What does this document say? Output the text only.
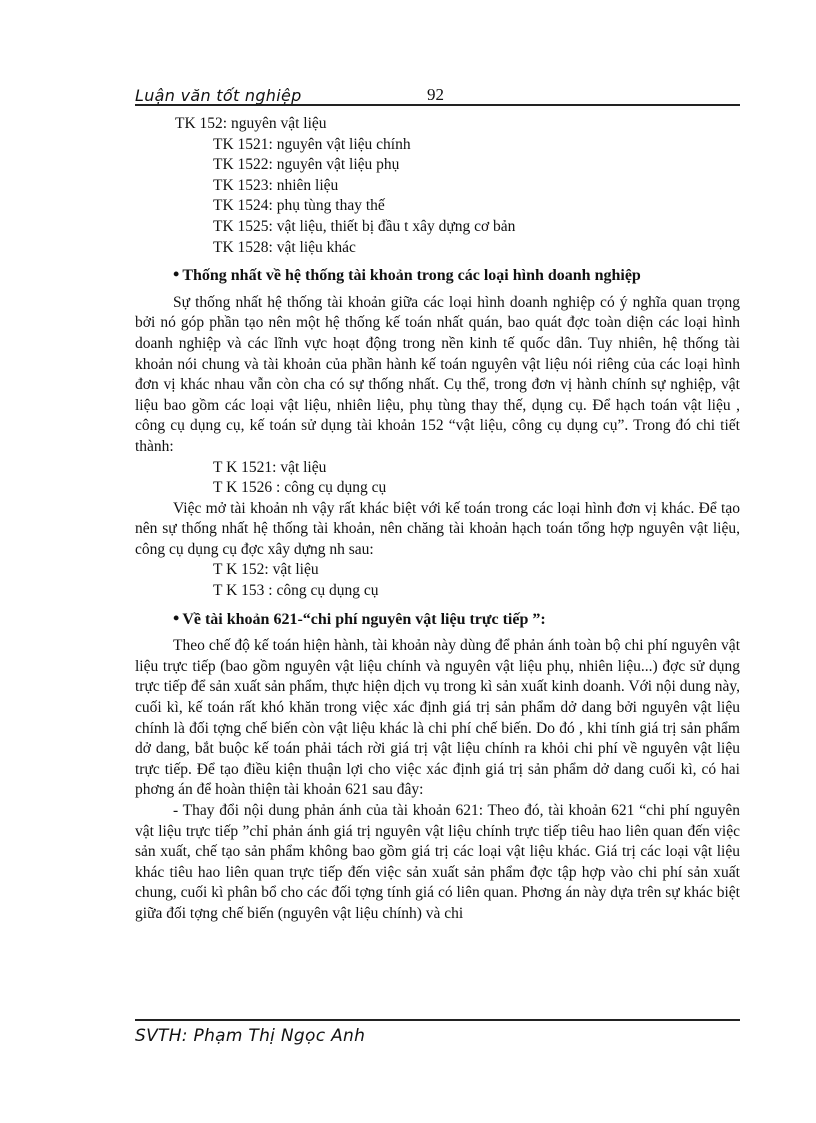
Luận văn tốt nghiệp	92

TK 152: nguyên vật liệu

TK 1521: nguyên vật liệu chính

TK 1522: nguyên vật liệu phụ

TK 1523: nhiên liệu

TK 1524: phụ tùng thay thế

TK 1525: vật liệu, thiết bị đầu t xây dựng cơ bản

TK 1528: vật liệu khác

• Thống nhất về hệ thống tài khoản trong các loại hình doanh nghiệp

Sự thống nhất hệ thống tài khoản giữa các loại hình doanh nghiệp có ý nghĩa quan trọng bởi nó góp phần tạo nên một hệ thống kế toán nhất quán, bao quát đợc toàn diện các loại hình doanh nghiệp và các lĩnh vực hoạt động trong nền kinh tế quốc dân. Tuy nhiên, hệ thống tài khoản nói chung và tài khoản của phần hành kế toán nguyên vật liệu nói riêng của các loại hình đơn vị khác nhau vẫn còn cha có sự thống nhất. Cụ thể, trong đơn vị hành chính sự nghiệp, vật liệu bao gồm các loại vật liệu, nhiên liệu, phụ tùng thay thế, dụng cụ. Để hạch toán vật liệu , công cụ dụng cụ, kế toán sử dụng tài khoản 152 “vật liệu, công cụ dụng cụ”. Trong đó chi tiết thành:

T K 1521: vật liệu

T K 1526 : công cụ dụng cụ

Việc mở tài khoản nh vậy rất khác biệt với kế toán trong các loại hình đơn vị khác. Để tạo nên sự thống nhất hệ thống tài khoản, nên chăng tài khoản hạch toán tổng hợp nguyên vật liệu, công cụ dụng cụ đợc xây dựng nh sau:

T K 152: vật liệu

T K 153 : công cụ dụng cụ

• Về tài khoản 621-“chi phí nguyên vật liệu trực tiếp ”:

Theo chế độ kế toán hiện hành, tài khoản này dùng để phản ánh toàn bộ chi phí nguyên vật liệu trực tiếp (bao gồm nguyên vật liệu chính và nguyên vật liệu phụ, nhiên liệu...) đợc sử dụng trực tiếp để sản xuất sản phẩm, thực hiện dịch vụ trong kì sản xuất kinh doanh. Với nội dung này, cuối kì, kế toán rất khó khăn trong việc xác định giá trị sản phẩm dở dang bởi nguyên vật liệu chính là đối tợng chế biến còn vật liệu khác là chi phí chế biến. Do đó , khi tính giá trị sản phẩm dở dang, bắt buộc kế toán phải tách rời giá trị vật liệu chính ra khỏi chi phí về nguyên vật liệu trực tiếp. Để tạo điều kiện thuận lợi cho việc xác định giá trị sản phẩm dở dang cuối kì, có hai phơng án để hoàn thiện tài khoản 621 sau đây:

- Thay đổi nội dung phản ánh của tài khoản 621: Theo đó, tài khoản 621 “chi phí nguyên vật liệu trực tiếp ”chỉ phản ánh giá trị nguyên vật liệu chính trực tiếp tiêu hao liên quan đến việc sản xuất, chế tạo sản phẩm không bao gồm giá trị các loại vật liệu khác. Giá trị các loại vật liệu khác tiêu hao liên quan trực tiếp đến việc sản xuất sản phẩm đợc tập hợp vào chi phí sản xuất chung, cuối kì phân bổ cho các đối tợng tính giá có liên quan. Phơng án này dựa trên sự khác biệt giữa đối tợng chế biến (nguyên vật liệu chính) và chi

SVTH: Phạm Thị Ngọc Anh
